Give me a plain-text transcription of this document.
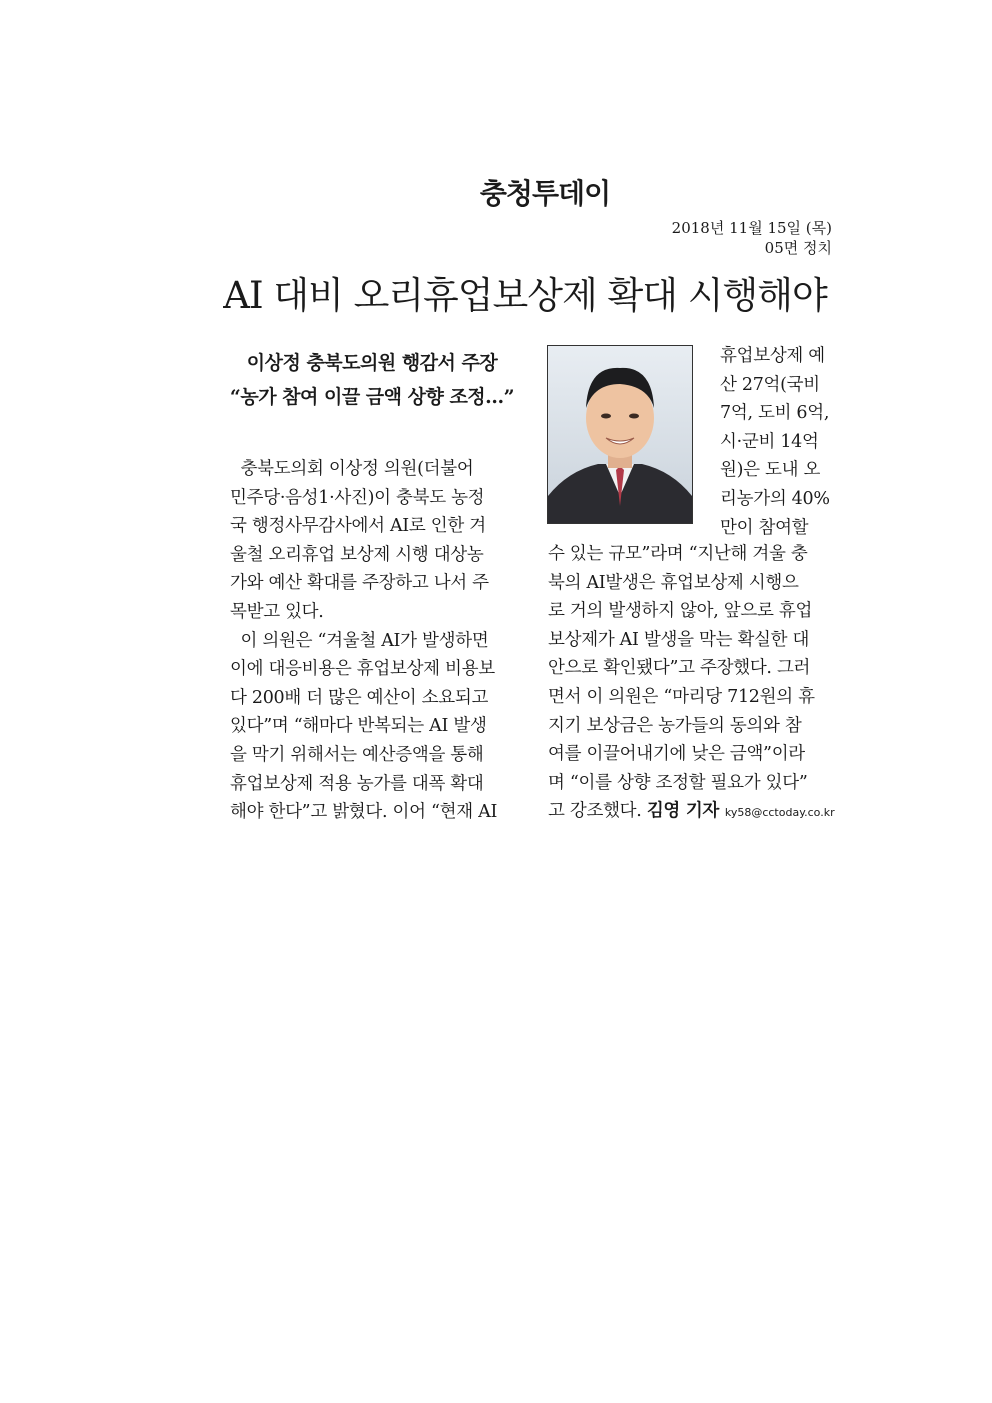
충청투데이
2018년 11월 15일 (목)
05면 정치
AI 대비 오리휴업보상제 확대 시행해야
이상정 충북도의원 행감서 주장
“농가 참여 이끌 금액 상향 조정…”
충북도의회 이상정 의원(더불어
민주당·음성1·사진)이 충북도 농정
국 행정사무감사에서 AI로 인한 겨
울철 오리휴업 보상제 시행 대상농
가와 예산 확대를 주장하고 나서 주
목받고 있다.
이 의원은 “겨울철 AI가 발생하면
이에 대응비용은 휴업보상제 비용보
다 200배 더 많은 예산이 소요되고
있다”며 “해마다 반복되는 AI 발생
을 막기 위해서는 예산증액을 통해
휴업보상제 적용 농가를 대폭 확대
해야 한다”고 밝혔다. 이어 “현재 AI
휴업보상제 예
산 27억(국비
7억, 도비 6억,
시·군비 14억
원)은 도내 오
리농가의 40%
만이 참여할
수 있는 규모”라며 “지난해 겨울 충
북의 AI발생은 휴업보상제 시행으
로 거의 발생하지 않아, 앞으로 휴업
보상제가 AI 발생을 막는 확실한 대
안으로 확인됐다”고 주장했다. 그러
면서 이 의원은 “마리당 712원의 휴
지기 보상금은 농가들의 동의와 참
여를 이끌어내기에 낮은 금액”이라
며 “이를 상향 조정할 필요가 있다”
고 강조했다. 김영 기자 ky58@cctoday.co.kr
